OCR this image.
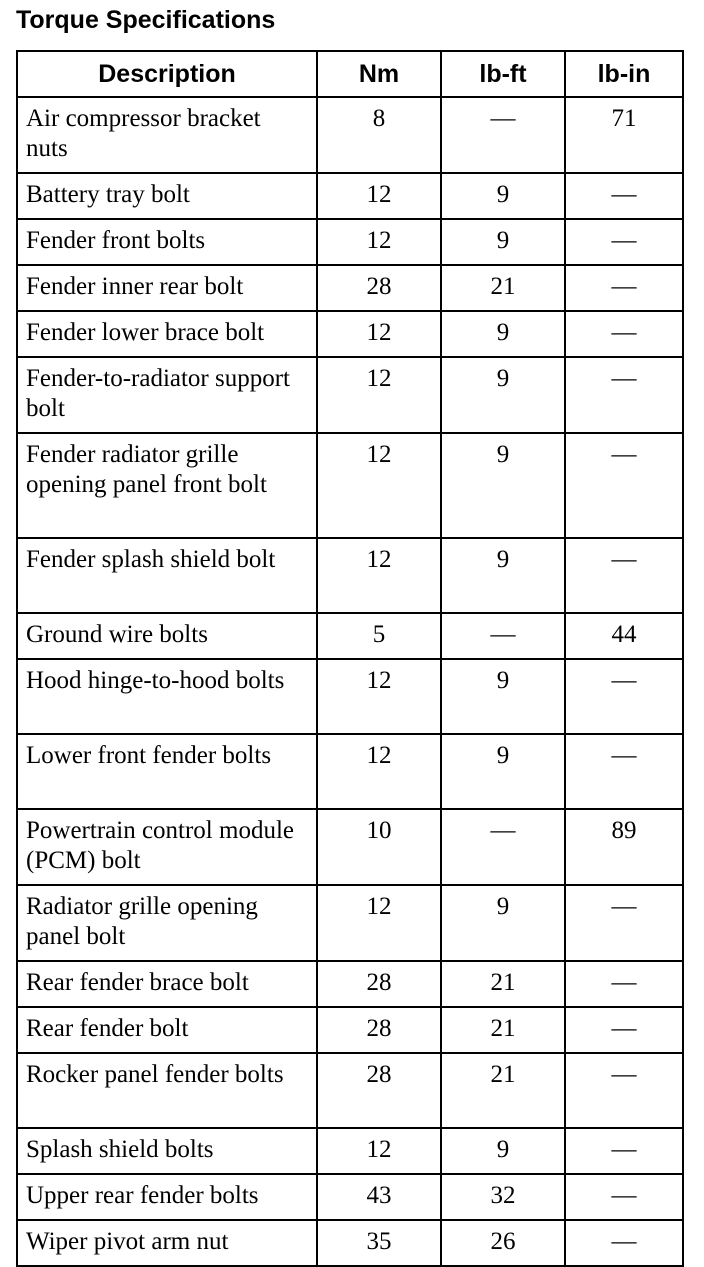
Torque Specifications
Description	Nm	lb-ft	lb-in
Air compressor bracket nuts	8	—	71
Battery tray bolt	12	9	—
Fender front bolts	12	9	—
Fender inner rear bolt	28	21	—
Fender lower brace bolt	12	9	—
Fender-to-radiator support bolt	12	9	—
Fender radiator grille opening panel front bolt	12	9	—
Fender splash shield bolt	12	9	—
Ground wire bolts	5	—	44
Hood hinge-to-hood bolts	12	9	—
Lower front fender bolts	12	9	—
Powertrain control module (PCM) bolt	10	—	89
Radiator grille opening panel bolt	12	9	—
Rear fender brace bolt	28	21	—
Rear fender bolt	28	21	—
Rocker panel fender bolts	28	21	—
Splash shield bolts	12	9	—
Upper rear fender bolts	43	32	—
Wiper pivot arm nut	35	26	—
